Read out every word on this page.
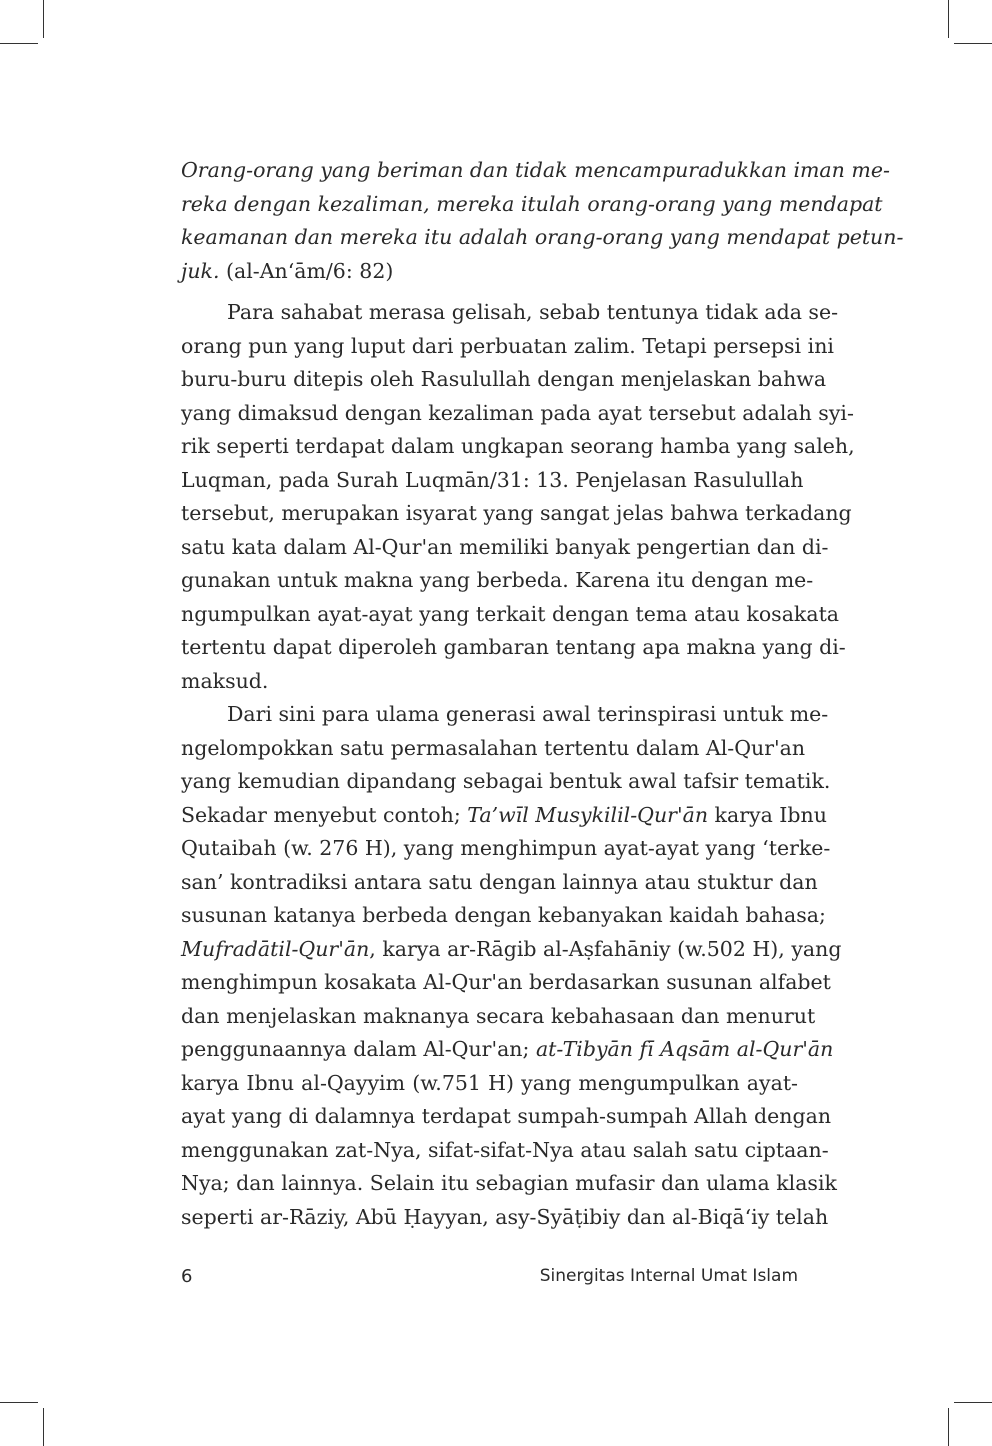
Orang-orang yang beriman dan tidak mencampuradukkan iman me-
reka dengan kezaliman, mereka itulah orang-orang yang mendapat
keamanan dan mereka itu adalah orang-orang yang mendapat petun-
juk. (al-An‘ām/6: 82)
Para sahabat merasa gelisah, sebab tentunya tidak ada se-
orang pun yang luput dari perbuatan zalim. Tetapi persepsi ini
buru-buru ditepis oleh Rasulullah dengan menjelaskan bahwa
yang dimaksud dengan kezaliman pada ayat tersebut adalah syi-
rik seperti terdapat dalam ungkapan seorang hamba yang saleh,
Luqman, pada Surah Luqmān/31: 13. Penjelasan Rasulullah
tersebut, merupakan isyarat yang sangat jelas bahwa terkadang
satu kata dalam Al-Qur'an memiliki banyak pengertian dan di-
gunakan untuk makna yang berbeda. Karena itu dengan me-
ngumpulkan ayat-ayat yang terkait dengan tema atau kosakata
tertentu dapat diperoleh gambaran tentang apa makna yang di-
maksud.
Dari sini para ulama generasi awal terinspirasi untuk me-
ngelompokkan satu permasalahan tertentu dalam Al-Qur'an
yang kemudian dipandang sebagai bentuk awal tafsir tematik.
Sekadar menyebut contoh; Ta’wīl Musykilil-Qur'ān karya Ibnu
Qutaibah (w. 276 H), yang menghimpun ayat-ayat yang ‘terke-
san’ kontradiksi antara satu dengan lainnya atau stuktur dan
susunan katanya berbeda dengan kebanyakan kaidah bahasa;
Mufradātil-Qur'ān, karya ar-Rāgib al-Aṣfahāniy (w.502 H), yang
menghimpun kosakata Al-Qur'an berdasarkan susunan alfabet
dan menjelaskan maknanya secara kebahasaan dan menurut
penggunaannya dalam Al-Qur'an; at-Tibyān fī Aqsām al-Qur'ān
karya Ibnu al-Qayyim (w.751 H) yang mengumpulkan ayat-
ayat yang di dalamnya terdapat sumpah-sumpah Allah dengan
menggunakan zat-Nya, sifat-sifat-Nya atau salah satu ciptaan-
Nya; dan lainnya. Selain itu sebagian mufasir dan ulama klasik
seperti ar-Rāziy, Abū Ḥayyan, asy-Syāṭibiy dan al-Biqā‘iy telah
6	Sinergitas Internal Umat Islam
